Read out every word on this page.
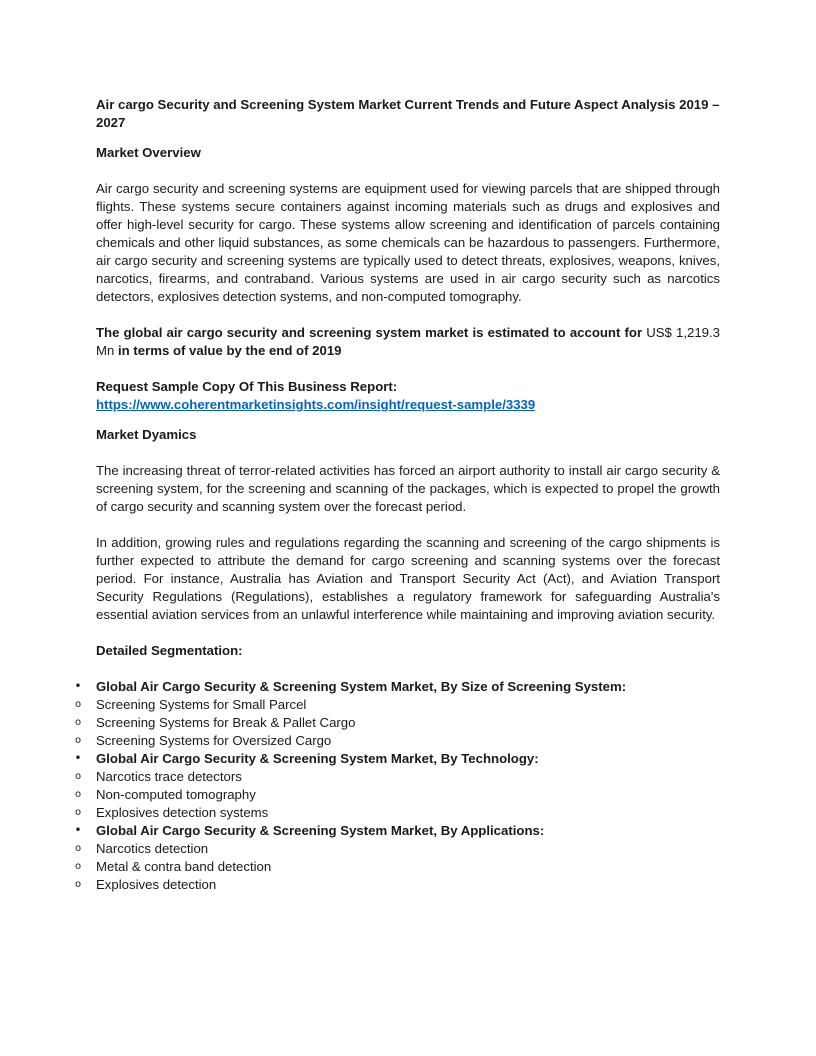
Air cargo Security and Screening System Market Current Trends and Future Aspect Analysis 2019 – 2027

Market Overview

Air cargo security and screening systems are equipment used for viewing parcels that are shipped through flights. These systems secure containers against incoming materials such as drugs and explosives and offer high-level security for cargo. These systems allow screening and identification of parcels containing chemicals and other liquid substances, as some chemicals can be hazardous to passengers. Furthermore, air cargo security and screening systems are typically used to detect threats, explosives, weapons, knives, narcotics, firearms, and contraband. Various systems are used in air cargo security such as narcotics detectors, explosives detection systems, and non-computed tomography.

The global air cargo security and screening system market is estimated to account for US$ 1,219.3 Mn in terms of value by the end of 2019

Request Sample Copy Of This Business Report:

https://www.coherentmarketinsights.com/insight/request-sample/3339

Market Dyamics

The increasing threat of terror-related activities has forced an airport authority to install air cargo security & screening system, for the screening and scanning of the packages, which is expected to propel the growth of cargo security and scanning system over the forecast period.

In addition, growing rules and regulations regarding the scanning and screening of the cargo shipments is further expected to attribute the demand for cargo screening and scanning systems over the forecast period. For instance, Australia has Aviation and Transport Security Act (Act), and Aviation Transport Security Regulations (Regulations), establishes a regulatory framework for safeguarding Australia's essential aviation services from an unlawful interference while maintaining and improving aviation security.

Detailed Segmentation:

• Global Air Cargo Security & Screening System Market, By Size of Screening System:
o Screening Systems for Small Parcel
o Screening Systems for Break & Pallet Cargo
o Screening Systems for Oversized Cargo
• Global Air Cargo Security & Screening System Market, By Technology:
o Narcotics trace detectors
o Non-computed tomography
o Explosives detection systems
• Global Air Cargo Security & Screening System Market, By Applications:
o Narcotics detection
o Metal & contra band detection
o Explosives detection
